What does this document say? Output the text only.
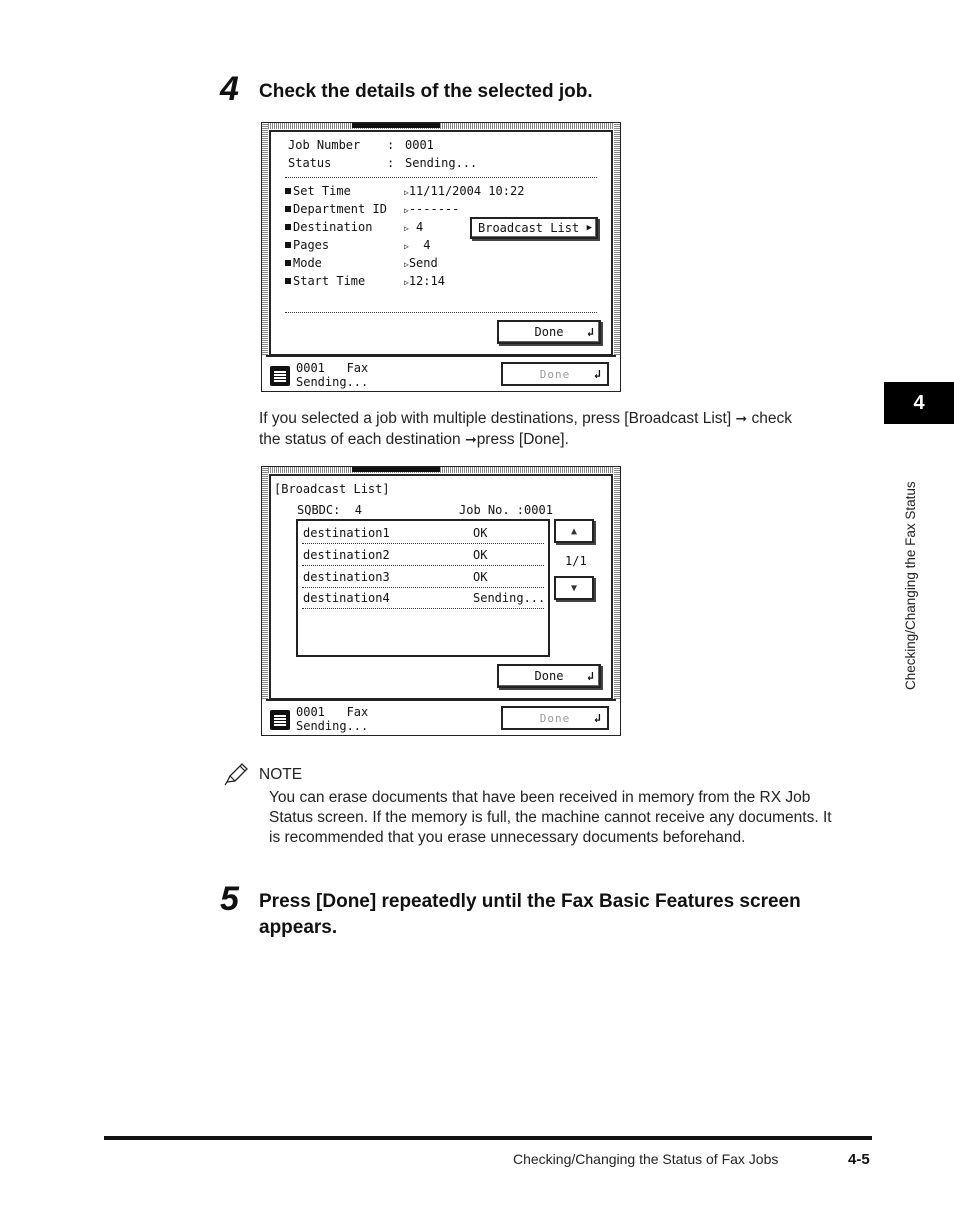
4 Check the details of the selected job.
Job Number : 0001
Status	: Sending...
Set Time	▷11/11/2004 10:22
Department ID ▷-------
Destination	▷ 4
Pages	▷  4
Mode	▷Send
Start Time	▷12:14
Broadcast List ▶
Done ↲
0001   Fax
Sending...
Done ↲
If you selected a job with multiple destinations, press [Broadcast List] ➞ check
the status of each destination ➞press [Done].
[Broadcast List]
SQBDC:  4	Job No. :0001
destination1	OK
destination2	OK
destination3	OK
destination4	Sending...
▲
1/1
▼
Done ↲
0001   Fax
Sending...
Done ↲
NOTE
You can erase documents that have been received in memory from the RX Job
Status screen. If the memory is full, the machine cannot receive any documents. It
is recommended that you erase unnecessary documents beforehand.
5 Press [Done] repeatedly until the Fax Basic Features screen
appears.
4
Checking/Changing the Fax Status
Checking/Changing the Status of Fax Jobs	4-5
